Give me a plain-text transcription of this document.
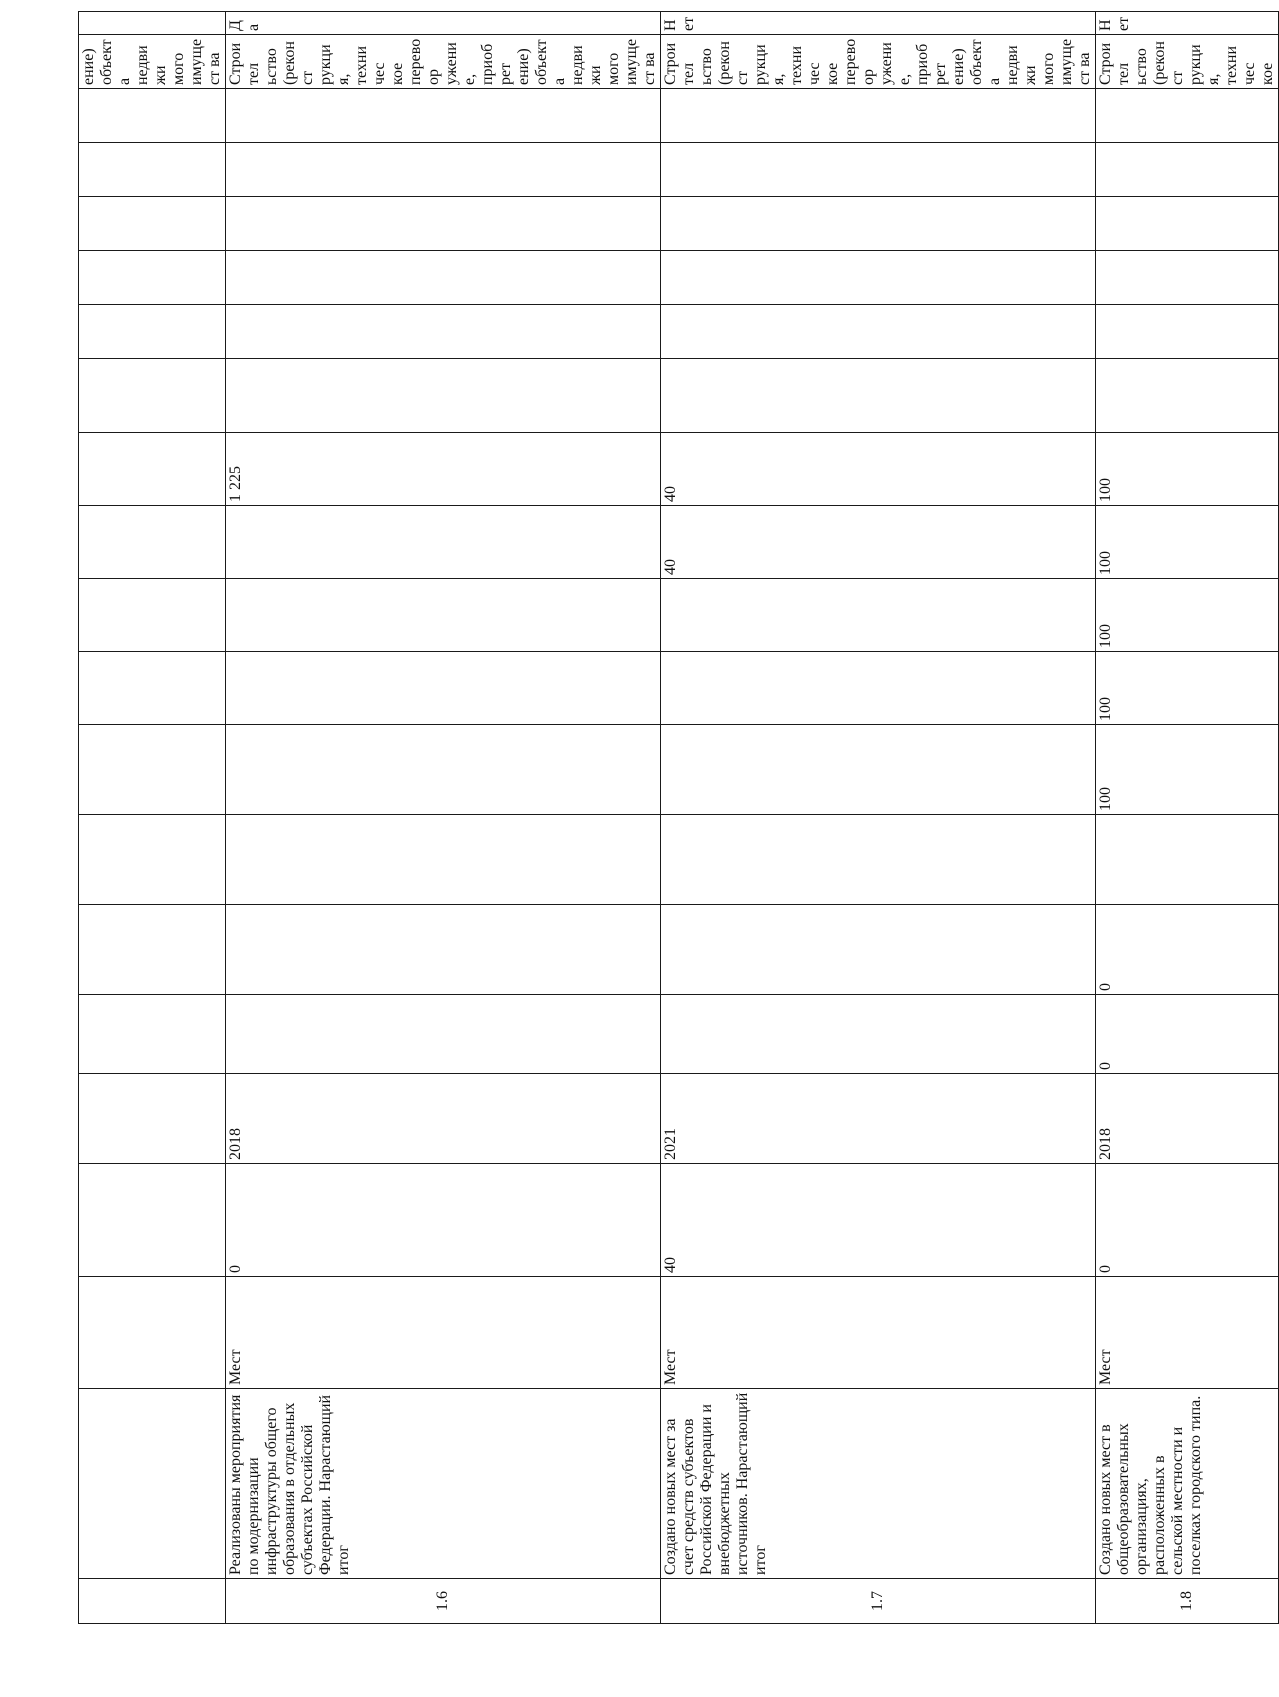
																			ение) объекта недвижи мого имущест ва	
1.6	Реализованы мероприятия по модернизации инфраструктуры общего образования в отдельных субъектах Российской Федерации. Нарастающий итог	Мест	0	2018								1 225							Строител ьство (реконст рукция, техничес кое перевоор ужение, приобрет ение) объекта недвижи мого имущест ва	Да
1.7	Создано новых мест за счет средств субъектов Российской Федерации и внебюджетных источников. Нарастающий итог	Мест	40	2021							40	40							Строител ьство (реконст рукция, техничес кое перевоор ужение, приобрет ение) объекта недвижи мого имущест ва	Нет
1.8	Создано новых мест в общеобразовательных организациях, расположенных в сельской местности и поселках городского типа.	Мест	0	2018	0	0		100	100	100	100	100							Строител ьство (реконст рукция, техничес кое	Нет
